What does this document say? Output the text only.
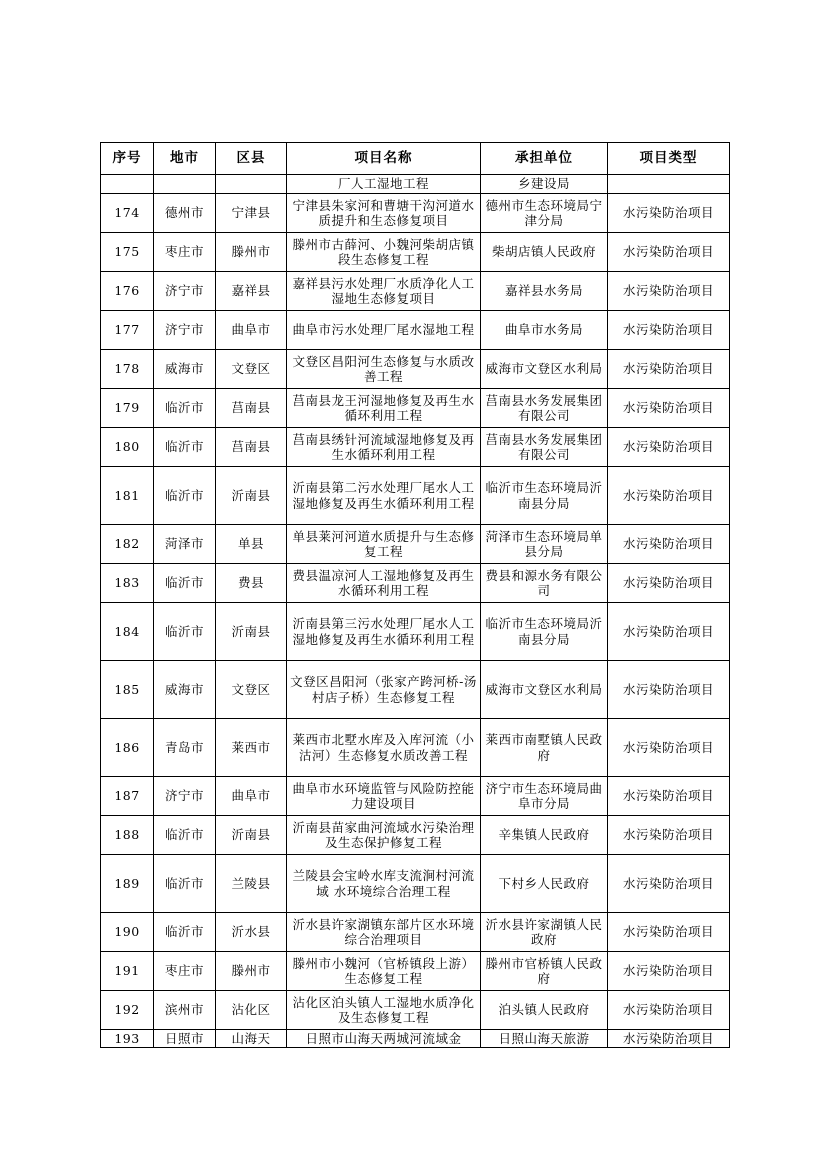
序号	地市	区县	项目名称	承担单位	项目类型
			厂人工湿地工程	乡建设局	
174	德州市	宁津县	宁津县朱家河和曹塘干沟河道水质提升和生态修复项目	德州市生态环境局宁津分局	水污染防治项目
175	枣庄市	滕州市	滕州市古薛河、小魏河柴胡店镇段生态修复工程	柴胡店镇人民政府	水污染防治项目
176	济宁市	嘉祥县	嘉祥县污水处理厂水质净化人工湿地生态修复项目	嘉祥县水务局	水污染防治项目
177	济宁市	曲阜市	曲阜市污水处理厂尾水湿地工程	曲阜市水务局	水污染防治项目
178	威海市	文登区	文登区昌阳河生态修复与水质改善工程	威海市文登区水利局	水污染防治项目
179	临沂市	莒南县	莒南县龙王河湿地修复及再生水循环利用工程	莒南县水务发展集团有限公司	水污染防治项目
180	临沂市	莒南县	莒南县绣针河流域湿地修复及再生水循环利用工程	莒南县水务发展集团有限公司	水污染防治项目
181	临沂市	沂南县	沂南县第二污水处理厂尾水人工湿地修复及再生水循环利用工程	临沂市生态环境局沂南县分局	水污染防治项目
182	菏泽市	单县	单县莱河河道水质提升与生态修复工程	菏泽市生态环境局单县分局	水污染防治项目
183	临沂市	费县	费县温凉河人工湿地修复及再生水循环利用工程	费县和源水务有限公司	水污染防治项目
184	临沂市	沂南县	沂南县第三污水处理厂尾水人工湿地修复及再生水循环利用工程	临沂市生态环境局沂南县分局	水污染防治项目
185	威海市	文登区	文登区昌阳河（张家产跨河桥-汤村店子桥）生态修复工程	威海市文登区水利局	水污染防治项目
186	青岛市	莱西市	莱西市北墅水库及入库河流（小沽河）生态修复水质改善工程	莱西市南墅镇人民政府	水污染防治项目
187	济宁市	曲阜市	曲阜市水环境监管与风险防控能力建设项目	济宁市生态环境局曲阜市分局	水污染防治项目
188	临沂市	沂南县	沂南县苗家曲河流域水污染治理及生态保护修复工程	辛集镇人民政府	水污染防治项目
189	临沂市	兰陵县	兰陵县会宝岭水库支流涧村河流域 水环境综合治理工程	下村乡人民政府	水污染防治项目
190	临沂市	沂水县	沂水县许家湖镇东部片区水环境综合治理项目	沂水县许家湖镇人民政府	水污染防治项目
191	枣庄市	滕州市	滕州市小魏河（官桥镇段上游）生态修复工程	滕州市官桥镇人民政府	水污染防治项目
192	滨州市	沾化区	沾化区泊头镇人工湿地水质净化及生态修复工程	泊头镇人民政府	水污染防治项目
193	日照市	山海天	日照市山海天两城河流域金	日照山海天旅游	水污染防治项目
